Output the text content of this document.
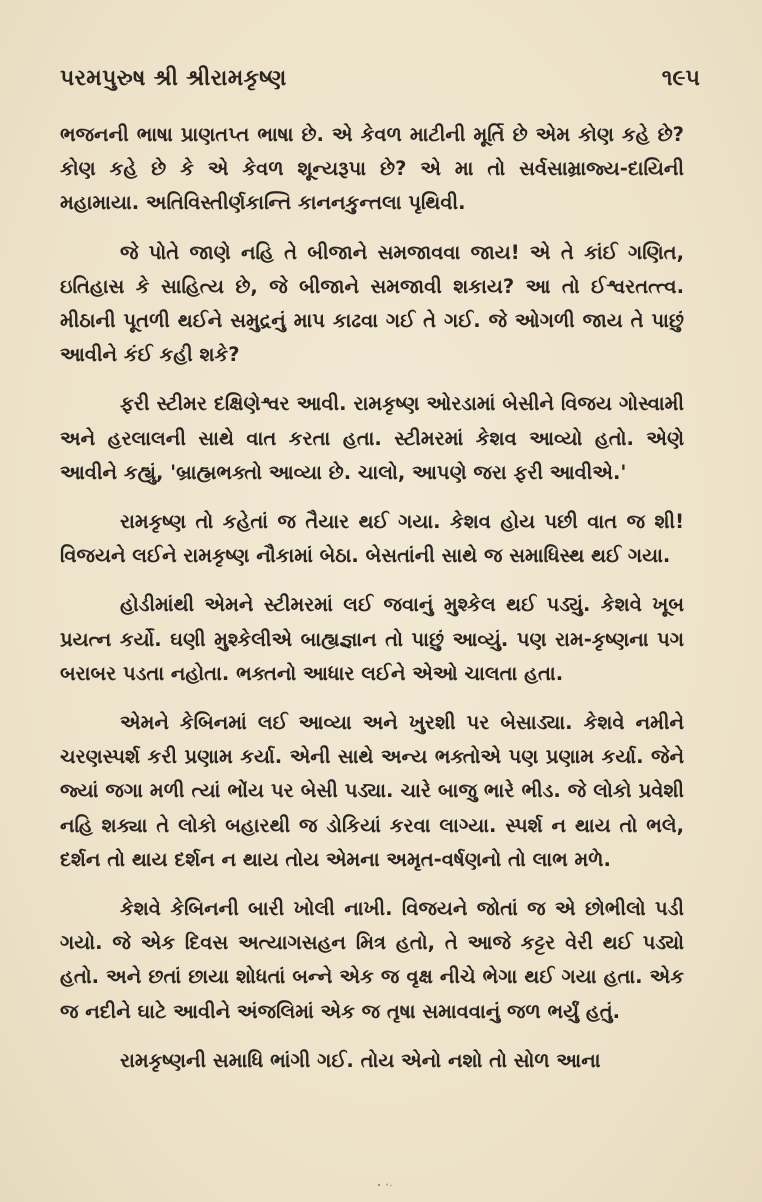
પરમપુરુષ શ્રી શ્રીરામકૃષ્ણ	૧૯૫

ભજનની ભાષા પ્રાણતપ્ત ભાષા છે. એ કેવળ માટીની મૂર્તિ છે એમ કોણ કહે છે? કોણ કહે છે કે એ કેવળ શૂન્યરૂપા છે? એ મા તો સર્વસામ્રાજ્ય-દાયિની મહામાયા. અતિવિસ્તીર્ણકાન્તિ કાનનકુન્તલા પૃથિવી.

જે પોતે જાણે નહિ તે બીજાને સમજાવવા જાય! એ તે કાંઈ ગણિત, ઇતિહાસ કે સાહિત્ય છે, જે બીજાને સમજાવી શકાય? આ તો ઈશ્વરતત્ત્વ. મીઠાની પૂતળી થઈને સમુદ્રનું માપ કાઢવા ગઈ તે ગઈ. જે ઓગળી જાય તે પાછું આવીને કંઈ કહી શકે?

ફરી સ્ટીમર દક્ષિણેશ્વર આવી. રામકૃષ્ણ ઓરડામાં બેસીને વિજય ગોસ્વામી અને હરલાલની સાથે વાત કરતા હતા. સ્ટીમરમાં કેશવ આવ્યો હતો. એણે આવીને કહ્યું, 'બ્રાહ્મભક્તો આવ્યા છે. ચાલો, આપણે જરા ફરી આવીએ.'

રામકૃષ્ણ તો કહેતાં જ તૈયાર થઈ ગયા. કેશવ હોય પછી વાત જ શી! વિજયને લઈને રામકૃષ્ણ નૌકામાં બેઠા. બેસતાંની સાથે જ સમાધિસ્થ થઈ ગયા.

હોડીમાંથી એમને સ્ટીમરમાં લઈ જવાનું મુશ્કેલ થઈ પડ્યું. કેશવે ખૂબ પ્રયત્ન કર્યો. ઘણી મુશ્કેલીએ બાહ્યજ્ઞાન તો પાછું આવ્યું. પણ રામ-કૃષ્ણના પગ બરાબર પડતા નહોતા. ભક્તનો આધાર લઈને એઓ ચાલતા હતા.

એમને કેબિનમાં લઈ આવ્યા અને ખુરશી પર બેસાડ્યા. કેશવે નમીને ચરણસ્પર્શ કરી પ્રણામ કર્યા. એની સાથે અન્ય ભક્તોએ પણ પ્રણામ કર્યા. જેને જ્યાં જગા મળી ત્યાં ભોંય પર બેસી પડ્યા. ચારે બાજુ ભારે ભીડ. જે લોકો પ્રવેશી નહિ શક્યા તે લોકો બહારથી જ ડોકિયાં કરવા લાગ્યા. સ્પર્શ ન થાય તો ભલે, દર્શન તો થાય દર્શન ન થાય તોય એમના અમૃત-વર્ષણનો તો લાભ મળે.

કેશવે કેબિનની બારી ખોલી નાખી. વિજયને જોતાં જ એ છોભીલો પડી ગયો. જે એક દિવસ અત્યાગસહન મિત્ર હતો, તે આજે કટ્ટર વેરી થઈ પડ્યો હતો. અને છતાં છાયા શોધતાં બન્ને એક જ વૃક્ષ નીચે ભેગા થઈ ગયા હતા. એક જ નદીને ઘાટે આવીને અંજલિમાં એક જ તૃષા સમાવવાનું જળ ભર્યું હતું.

રામકૃષ્ણની સમાધિ ભાંગી ગઈ. તોય એનો નશો તો સોળ આના
